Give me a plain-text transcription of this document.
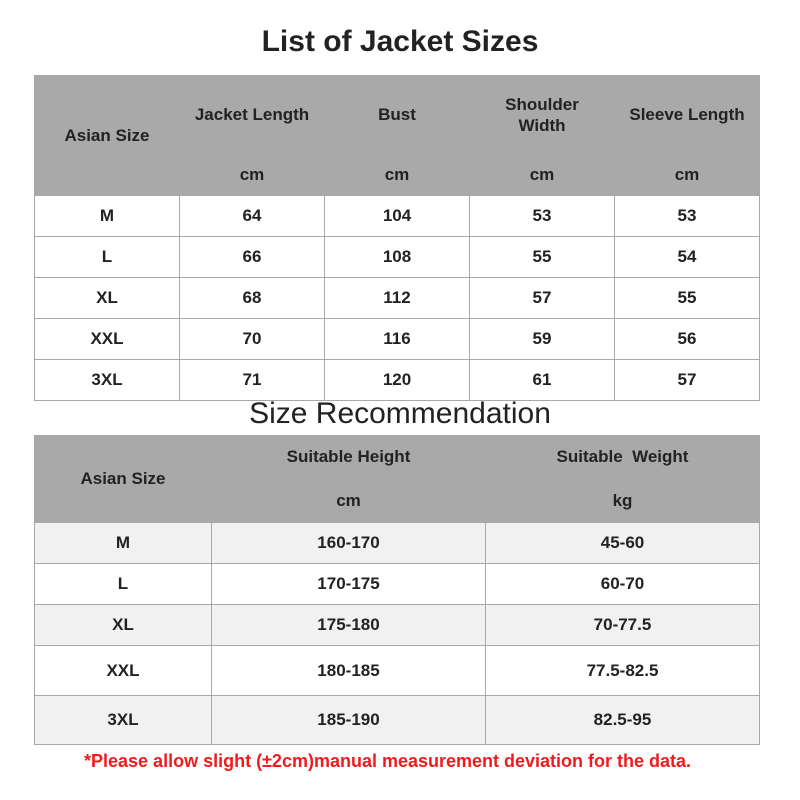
List of Jacket Sizes
Asian Size	Jacket Length	Bust	Shoulder Width	Sleeve Length
	cm	cm	cm	cm
M	64	104	53	53
L	66	108	55	54
XL	68	112	57	55
XXL	70	116	59	56
3XL	71	120	61	57
Size Recommendation
Asian Size	Suitable Height	Suitable  Weight
	cm	kg
M	160-170	45-60
L	170-175	60-70
XL	175-180	70-77.5
XXL	180-185	77.5-82.5
3XL	185-190	82.5-95
*Please allow slight (±2cm)manual measurement deviation for the data.
